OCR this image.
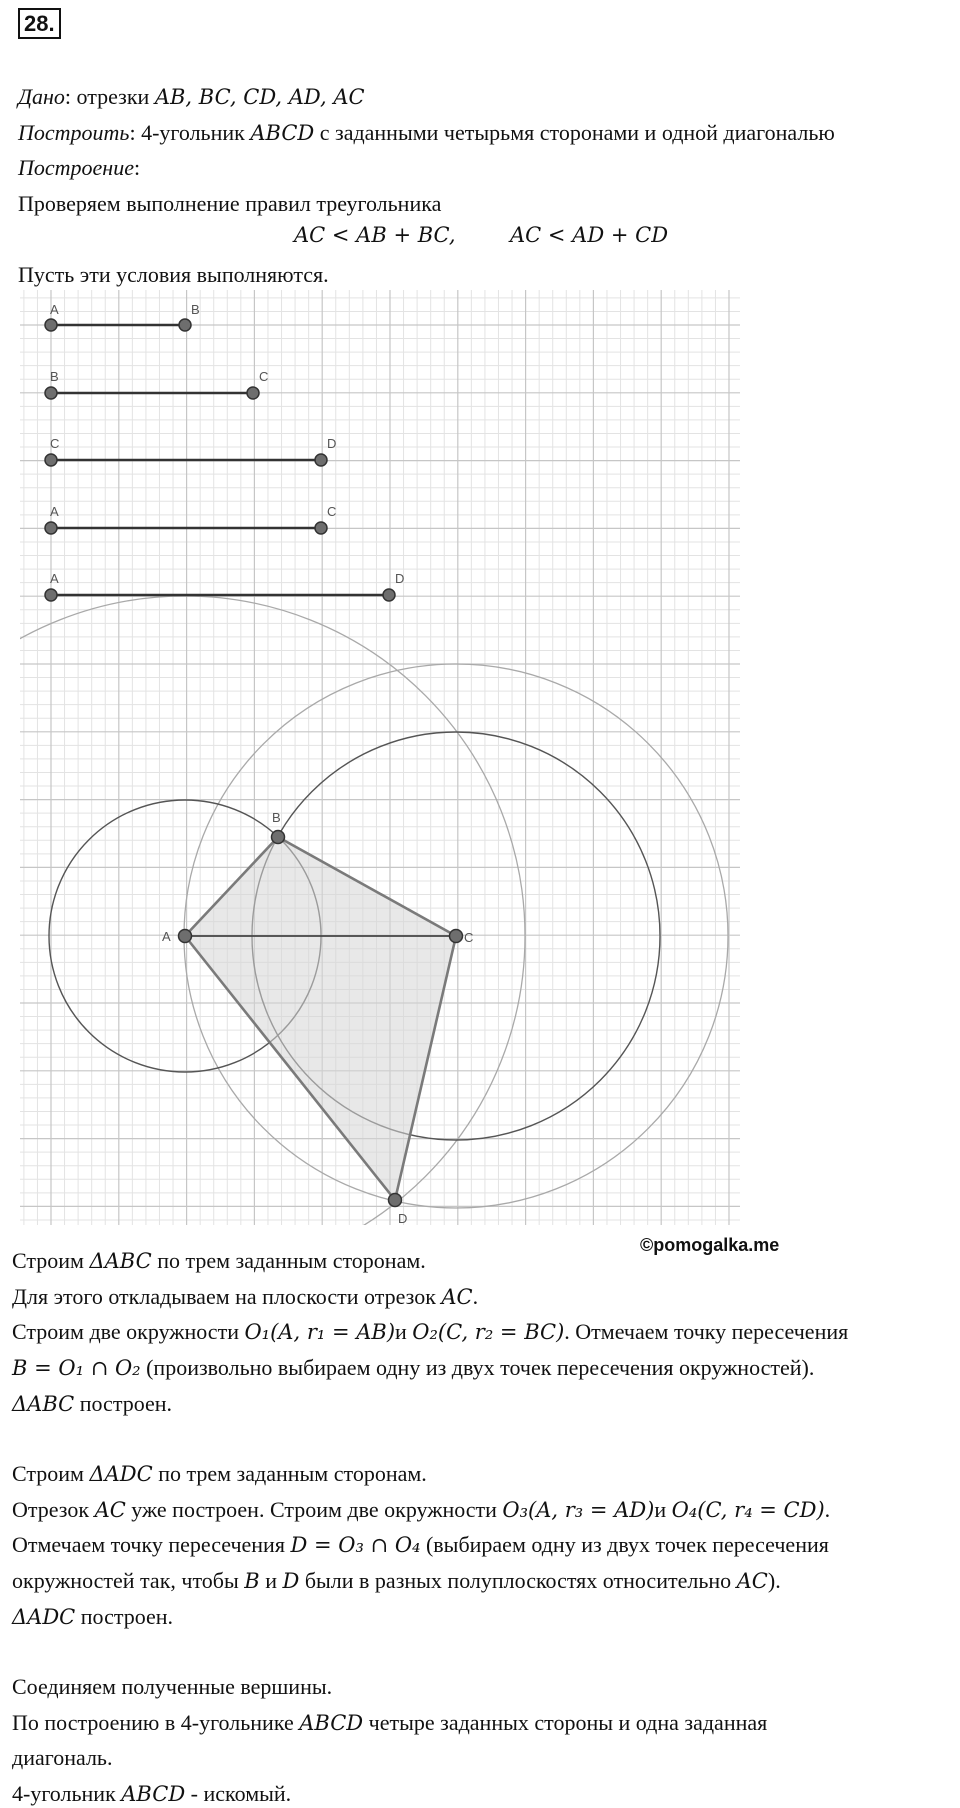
28.
Дано: отрезки AB, BC, CD, AD, AC
Построить: 4-угольник ABCD с заданными четырьмя сторонами и одной диагональю
Построение:
Проверяем выполнение правил треугольника
AC < AB + BC,	AC < AD + CD
Пусть эти условия выполняются.
A	B
B	C
C	D
A	C
A	D
A
B
C
D
©pomogalka.me
Строим ΔABC по трем заданным сторонам.
Для этого откладываем на плоскости отрезок AC.
Строим две окружности O₁(A, r₁ = AB)и O₂(C, r₂ = BC). Отмечаем точку пересечения
B = O₁ ∩ O₂ (произвольно выбираем одну из двух точек пересечения окружностей).
ΔABC построен.
Строим ΔADC по трем заданным сторонам.
Отрезок AC уже построен. Строим две окружности O₃(A, r₃ = AD)и O₄(C, r₄ = CD).
Отмечаем точку пересечения D = O₃ ∩ O₄ (выбираем одну из двух точек пересечения
окружностей так, чтобы B и D были в разных полуплоскостях относительно AC).
ΔADC построен.
Соединяем полученные вершины.
По построению в 4-угольнике ABCD четыре заданных стороны и одна заданная
диагональ.
4-угольник ABCD - искомый.
